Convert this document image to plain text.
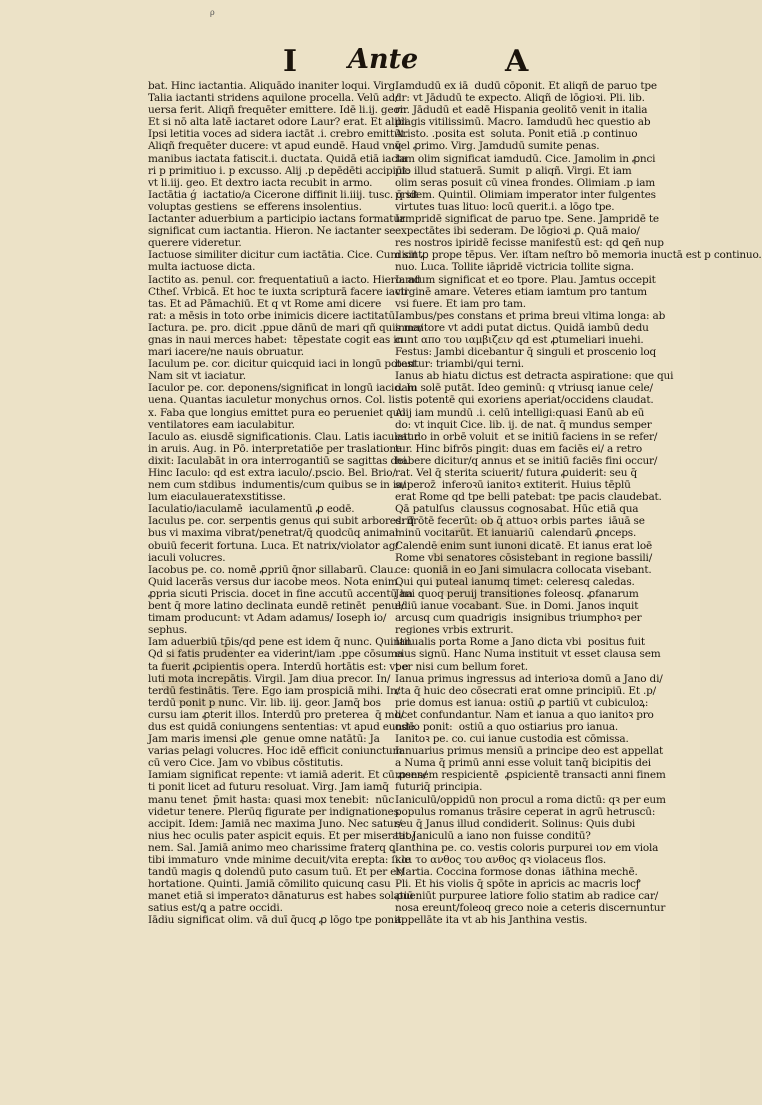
ρ
I Ante	A

bat. Hinc iactantia. Aliquādo inaniter loqui. Virg.

Talia iactanti stridens aquilone procella. Velū ad/

uersa ferit. Aliqñ frequēter emittere. Idē li.ij. geor.

Et si nō alta latē iactaret odore Laur? erat. Et alibi

Ipsi letitia voces ad sidera iactāt .i. crebro emittūt.

Aliqñ frequēter ducere: vt apud eundē. Haud vnq̄

manibus iactata fatiscit.i. ductata. Quidā etiā iacta

ri p primitiuo i. p excusso. Alij .p depēdēti accipiūt:

vt li.iij. geo. Et dextro iacta recubit in armo.

Iactātia ǵ  iactatio/a Cicerone diffinit li.iiij. tusc. q̄ sit

voluptas gestiens  se efferens insolentius.

Iactanter aduerbium a participio iactans formatur

significat cum iactantia. Hieron. Ne iactanter se

querere videretur.

Iactuose similiter dicitur cum iactātia. Cice. Cum sint

multa iactuose dicta.

Iactito as. penul. cor. frequentatiuū a iacto. Hiero. ad

Ctheſ. Vrbicā. Et hoc te iuxta scripturā facere iacti

tas. Et ad Pāmachiū. Et q vt Rome ami dicere

rat: a mēsis in toto orbe inimicis dicere iactitatū.

Iactura. pe. pro. dicit .ppue dānū de mari qñ quis ma/

gnas in naui merces habet:  tēpestate cogit eas in

mari iacere/ne nauis obruatur.

Iaculum pe. cor. dicitur quicquid iaci in longū potest.

Nam sit vt iaciatur.

Iaculor pe. cor. deponens/significat in longū iacio. Iu

uena. Quantas iaculetur monychus ornos. Col. li.

x. Faba que longius emittet pura eo perueniet quo

ventilatores eam iaculabitur.

Iaculo as. eiusdē significationis. Clau. Latis iaculatur

in aruis. Aug. in Pō. interpretatiōe per traslatione

dixit: Iaculabāt in ora interrogantiū se sagittas dei.

Hinc Iaculo: qd est extra iaculo/.pscio. Bel. Brio/

nem cum stdibus  indumentis/cum quibus se in ia/

lum eiaculaueratexstitisse.

Iaculatio/iaculamē  iaculamentū ꝓ eodē.

Iaculus pe. cor. serpentis genus qui subit arbores: q̄

bus vi maxima vibrat/penetrat/q̄ quodcūq animal

obuiū fecerit fortuna. Luca. Et natrix/violator ag/

iaculi volucres.

Iacobus pe. co. nomē ꝓpriū q̄nor sillabarū. Clau.

Quid lacerās versus dur iacobe meos. Nota enim

ꝓpria sicuti Priscia. docet in fine accutū accentū ha

bent q̄ more latino declinata eundē retinēt  penul/

timam producunt: vt Adam adamus/ Ioseph io/

sephus.

Iam aduerbiū tp̄is/qd pene est idem q̄ nunc. Quintil.

Qd si fatis prudenter ea viderint/iam .ppe cōsuma

ta fuerit ꝓcipientis opera. Interdū hortātis est: vt e

luti mota increpātis. Virgil. Jam diua precor. In/

terdū festinātis. Tere. Ego iam prospiciā mihi. In/

terdū ponit p nunc. Vir. lib. iij. geor. Jamq̄ bos

cursu iam ꝓterit illos. Interdū pro preterea  q̄ mo/

dus est quidā coniungens sententias: vt apud eundē.

Jam maris imensi ꝓle  genue omne natātū: Ja

varias pelagi volucres. Hoc idē efficit coniunctum

cū vero Cice. Jam vo vbibus cōstitutis.

Iamiam significat repente: vt iamiā aderit. Et cū ꝓsen/

ti ponit licet ad futuru resoluat. Virg. Jam iamq̄

manu tenet  p̄mit hasta: quasi mox tenebit:  nūc

videtur tenere. Plerūq figurate per indignationes

accipit. Idem: Jamiā nec maxima Juno. Nec satur/

nius hec oculis pater aspicit equis. Et per miseratio/

nem. Sal. Jamiā animo meo charissime fraterq ꝗ

tibi immaturo  vnde minime decuit/vita erepta: ſi le

tandū magis ꝗ dolendū puto casum tuū. Et per er/

hortatione. Quinti. Jamiā cōmilito quicunq casu

manet etiā si imperatoꝛ dānaturus est habes solatiū

satius est/ꝗ a patre occidi.

Iādiu significat olim. vā duī q̄ucq ꝓ lōgo tpe ponit.

Iamdudū ex iā  dudū cōponit. Et aliqñ de paruo tpe

dr: vt Jādudū te expecto. Aliqñ de lōgioꝛi. Pli. lib.

rir. Jādudū et eadē Hispania geolitō venit in italia

plagis vitilissimū. Macro. Iamdudū hec questio ab

Aristo. .posita est  soluta. Ponit etiā .p continuo

vel ꝓrimo. Virg. Jamdudū sumite penas.

Iam olim significat iamdudū. Cice. Jamolim in ꝓnci

pio illud statuerā. Sumit  p aliqñ. Virgi. Et iam

olim seras posuit cū vinea frondes. Olimiam .p iam

pridem. Quintil. Olimiam imperator inter fulgentes

virtutes tuas lituo: locū querit.i. a lōgo tpe.

Iampridē significat de paruo tpe. Sene. Jampridē te

expectātes ibi sederam. De lōgioꝛi ꝓ. Quā maio/

res nostros ipiridē fecisse manifestū est: qd ꝗen̄ nup

dicit ꝓ prope tēpus. Ver. iſtam neſtro bō memoria inuctā est p continuo.

nuo. Luca. Tollite iāpridē victricia tollite signa.

Iamtum significat et eo tpore. Plau. Jamtus occepit

virginē amare. Veteres etiam iamtum pro tantum

vsi fuere. Et iam pro tam.

Iambus/pes constans et prima breui vltima longa: ab

inuentore vt addi putat dictus. Quidā iambū dedu

cunt απο του ιαμβιζειν qd est ꝓtumeliari inuehi.

Festus: Jambi dicebantur q̄ singuli et proscenio loq

bantur: triambi/qui terni.

Ianus ab hiatu dictus est detracta aspiratione: que qui

dam solē putāt. Ideo geminū: q vtriusq ianue cele/

stis potentē qui exoriens aperiat/occidens claudat.

Alij iam mundū .i. celū intelligi:quasi Eanū ab eū

do: vt inquit Cice. lib. ij. de nat. q̄ mundus semper

eat do in orbē voluit  et se initiū faciens in se refer/

tur. Hinc bifrōs pingit: duas em faciēs ei/ a retro

habere dicitur/q annus et se initiū faciēs fini occur/

rat. Vel q̄ sterita sciuerit/ futura ꝓuiderit: seu q̄

superoz̄  inferoꝛū ianitoꝛ extiterit. Huius tēplū

erat Rome qd tpe belli patebat: tpe pacis claudebat.

Qā patulſus  claussus cognosabat. Hūc etiā qua

drifrōtē fecerūt: ob q̄ attuoꝛ orbis partes  iāuā se

minū vocitarūt. Et ianuariū  calendarū ꝓnceps.

Calendē enim sunt iunoni dicatē. Et ianus erat loē

Rome vbi senatores cōsistebant in regione bassili/

ce: quoniā in eo Jani simulacra collocata visebant.

Qui qui puteal ianumq timet: celeresq caledas.

Jani quoq peruij transitiones foleosq. ꝓfanarum

ediū ianue vocabant. Sue. in Domi. Janos inquit

arcusq cum quadrigis  insignibus triumphoꝛ per

regiones vrbis extrurit.

Ianualis porta Rome a Jano dicta vbi  positus fuit

eius signū. Hanc Numa instituit vt esset clausa sem

per nisi cum bellum foret.

Ianua primus ingressus ad interioꝛa domū a Jano di/

cta q̄ huic deo cōsecrati erat omne principiū. Et .p/

prie domus est ianua: ostiū ꝓ partiū vt cubiculoꝝ:

licet confundantur. Nam et ianua a quo ianitoꝛ pro

ostio ponit:  ostiū a quo ostiarius pro ianua.

Ianitoꝛ pe. co. cui ianue custodia est cōmissa.

Ianuarius primus mensiū a principe deo est appellat

a Numa q̄ primū anni esse voluit tanq̄ bicipitis dei

mensem respicientē  ꝓspicientē transacti anni finem

futuriq̄ principia.

Ianiculū/oppidū non procul a roma dictū: qꝛ per eum

populus romanus trāsire ceperat in agrū hetruscū:

seu q̄ Janus illud condiderit. Solinus: Quis dubi

tat Janiculū a iano non fuisse conditū?

Ianthina pe. co. vestis coloris purpurei ιον em viola

και το ανθος του ανθος qꝛ violaceus flos.

Martia. Coccina formose donas  iāthina mechē.

Pli. Et his violis q̄ spōte in apricis ac macris locꝭ

ꝓueniūt purpuree latiore folio statim ab radice car/

nosa ereunt/foleoq greco noie a ceteris discernuntur

appellāte ita vt ab his Janthina vestis.
